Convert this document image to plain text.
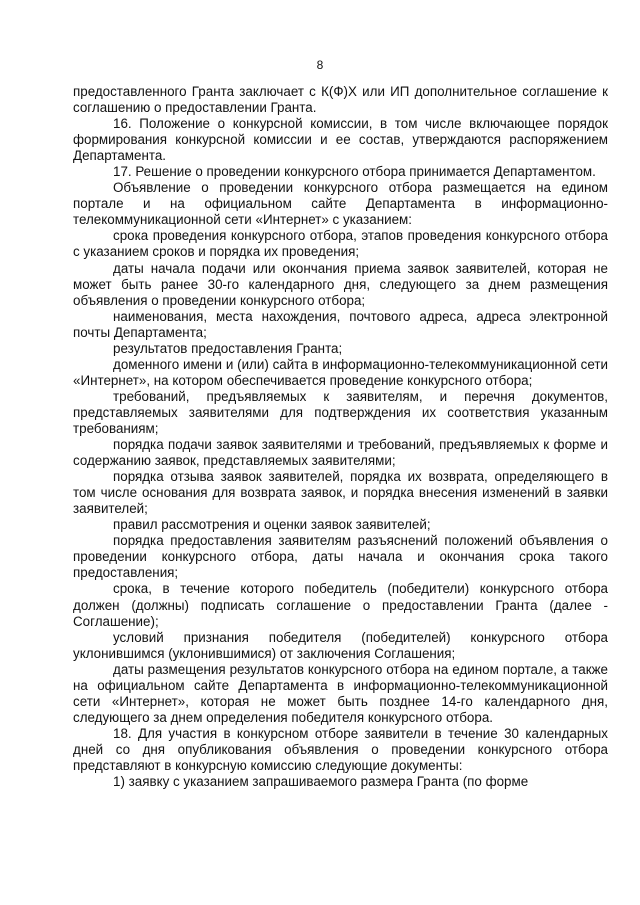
8

предоставленного Гранта заключает с К(Ф)Х или ИП дополнительное соглашение к соглашению о предоставлении Гранта.

16. Положение о конкурсной комиссии, в том числе включающее порядок формирования конкурсной комиссии и ее состав, утверждаются распоряжением Департамента.

17. Решение о проведении конкурсного отбора принимается Департаментом.

Объявление о проведении конкурсного отбора размещается на едином портале и на официальном сайте Департамента в информационно-телекоммуникационной сети «Интернет» с указанием:

срока проведения конкурсного отбора, этапов проведения конкурсного отбора с указанием сроков и порядка их проведения;

даты начала подачи или окончания приема заявок заявителей, которая не может быть ранее 30-го календарного дня, следующего за днем размещения объявления о проведении конкурсного отбора;

наименования, места нахождения, почтового адреса, адреса электронной почты Департамента;

результатов предоставления Гранта;

доменного имени и (или) сайта в информационно-телекоммуникационной сети «Интернет», на котором обеспечивается проведение конкурсного отбора;

требований, предъявляемых к заявителям, и перечня документов, представляемых заявителями для подтверждения их соответствия указанным требованиям;

порядка подачи заявок заявителями и требований, предъявляемых к форме и содержанию заявок, представляемых заявителями;

порядка отзыва заявок заявителей, порядка их возврата, определяющего в том числе основания для возврата заявок, и порядка внесения изменений в заявки заявителей;

правил рассмотрения и оценки заявок заявителей;

порядка предоставления заявителям разъяснений положений объявления о проведении конкурсного отбора, даты начала и окончания срока такого предоставления;

срока, в течение которого победитель (победители) конкурсного отбора должен (должны) подписать соглашение о предоставлении Гранта (далее - Соглашение);

условий признания победителя (победителей) конкурсного отбора уклонившимся (уклонившимися) от заключения Соглашения;

даты размещения результатов конкурсного отбора на едином портале, а также на официальном сайте Департамента в информационно-телекоммуникационной сети «Интернет», которая не может быть позднее 14-го календарного дня, следующего за днем определения победителя конкурсного отбора.

18. Для участия в конкурсном отборе заявители в течение 30 календарных дней со дня опубликования объявления о проведении конкурсного отбора представляют в конкурсную комиссию следующие документы:

1) заявку с указанием запрашиваемого размера Гранта (по форме
